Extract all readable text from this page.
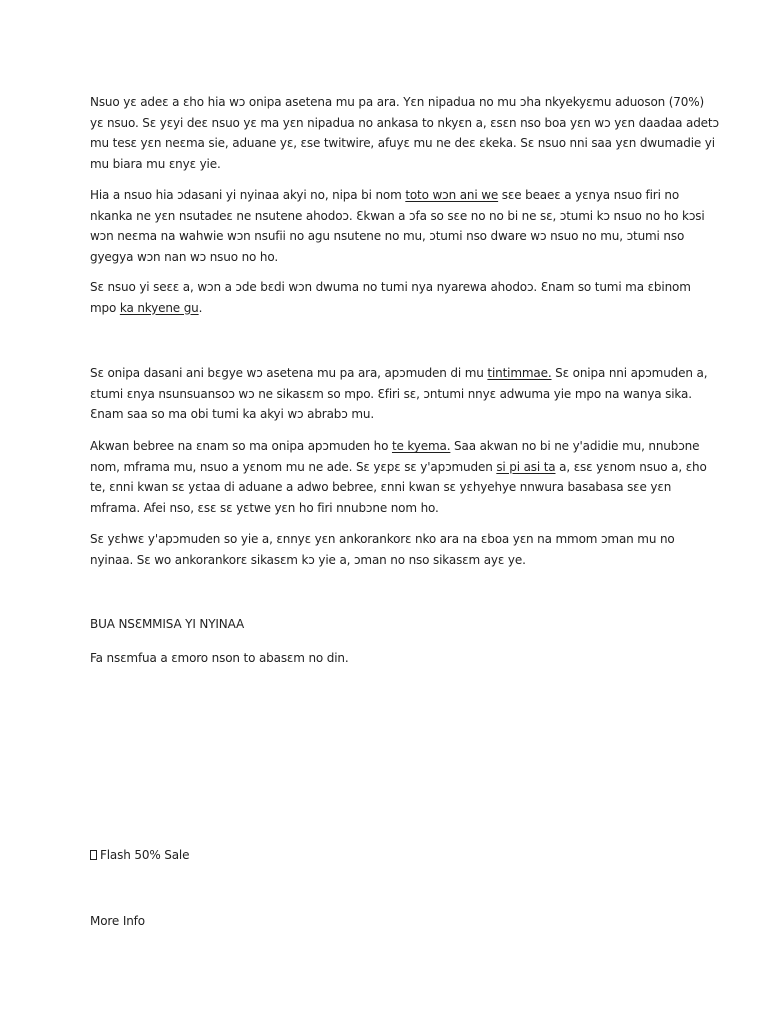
Nsuo yɛ adeɛ a ɛho hia wɔ onipa asetena mu pa ara. Yɛn nipadua no mu ɔha nkyekyɛmu aduoson (70%)
yɛ nsuo. Sɛ yɛyi deɛ nsuo yɛ ma yɛn nipadua no ankasa to nkyɛn a, ɛsɛn nso boa yɛn wɔ yɛn daadaa adetɔ
mu tesɛ yɛn neɛma sie, aduane yɛ, ɛse twitwire, afuyɛ mu ne deɛ ɛkeka. Sɛ nsuo nni saa yɛn dwumadie yi
mu biara mu ɛnyɛ yie.

Hia a nsuo hia ɔdasani yi nyinaa akyi no, nipa bi nom toto wɔn ani we sɛe beaeɛ a yɛnya nsuo firi no
nkanka ne yɛn nsutadeɛ ne nsutene ahodoɔ. Ɛkwan a ɔfa so sɛe no no bi ne sɛ, ɔtumi kɔ nsuo no ho kɔsi
wɔn neɛma na wahwie wɔn nsufii no agu nsutene no mu, ɔtumi nso dware wɔ nsuo no mu, ɔtumi nso
gyegya wɔn nan wɔ nsuo no ho.

Sɛ nsuo yi seɛɛ a, wɔn a ɔde bɛdi wɔn dwuma no tumi nya nyarewa ahodoɔ. Ɛnam so tumi ma ɛbinom
mpo ka nkyene gu.

Sɛ onipa dasani ani bɛgye wɔ asetena mu pa ara, apɔmuden di mu tintimmae. Sɛ onipa nni apɔmuden a,
ɛtumi ɛnya nsunsuansoɔ wɔ ne sikasɛm so mpo. Ɛfiri sɛ, ɔntumi nnyɛ adwuma yie mpo na wanya sika.
Ɛnam saa so ma obi tumi ka akyi wɔ abrabɔ mu.

Akwan bebree na ɛnam so ma onipa apɔmuden ho te kyema. Saa akwan no bi ne y'adidie mu, nnubɔne
nom, mframa mu, nsuo a yɛnom mu ne ade. Sɛ yɛpɛ sɛ y'apɔmuden si pi asi ta a, ɛsɛ yɛnom nsuo a, ɛho
te, ɛnni kwan sɛ yɛtaa di aduane a adwo bebree, ɛnni kwan sɛ yɛhyehye nnwura basabasa sɛe yɛn
mframa. Afei nso, ɛsɛ sɛ yɛtwe yɛn ho firi nnubɔne nom ho.

Sɛ yɛhwɛ y'apɔmuden so yie a, ɛnnyɛ yɛn ankorankorɛ nko ara na ɛboa yɛn na mmom ɔman mu no
nyinaa. Sɛ wo ankorankorɛ sikasɛm kɔ yie a, ɔman no nso sikasɛm ayɛ ye.

BUA NSƐMMISA YI NYINAA
Fa nsɛmfua a ɛmoro nson to abasɛm no din.
Flash 50% Sale
More Info
